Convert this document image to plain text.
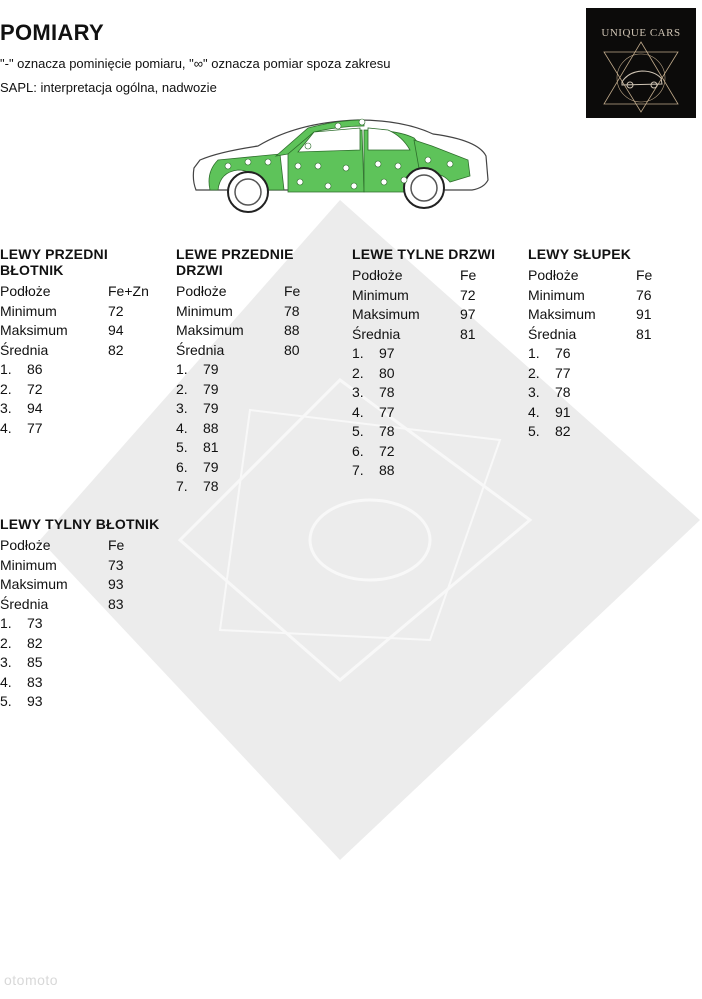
POMIARY
"-" oznacza pominięcie pomiaru, "∞" oznacza pomiar spoza zakresu
SAPL: interpretacja ogólna, nadwozie
UNIQUE CARS
LEWY PRZEDNI BŁOTNIK
Podłoże	Fe+Zn
Minimum	72
Maksimum	94
Średnia	82
1.	86
2.	72
3.	94
4.	77
LEWE PRZEDNIE DRZWI
Podłoże	Fe
Minimum	78
Maksimum	88
Średnia	80
1.	79
2.	79
3.	79
4.	88
5.	81
6.	79
7.	78
LEWE TYLNE DRZWI
Podłoże	Fe
Minimum	72
Maksimum	97
Średnia	81
1.	97
2.	80
3.	78
4.	77
5.	78
6.	72
7.	88
LEWY SŁUPEK
Podłoże	Fe
Minimum	76
Maksimum	91
Średnia	81
1.	76
2.	77
3.	78
4.	91
5.	82
LEWY TYLNY BŁOTNIK
Podłoże	Fe
Minimum	73
Maksimum	93
Średnia	83
1.	73
2.	82
3.	85
4.	83
5.	93
otomoto
